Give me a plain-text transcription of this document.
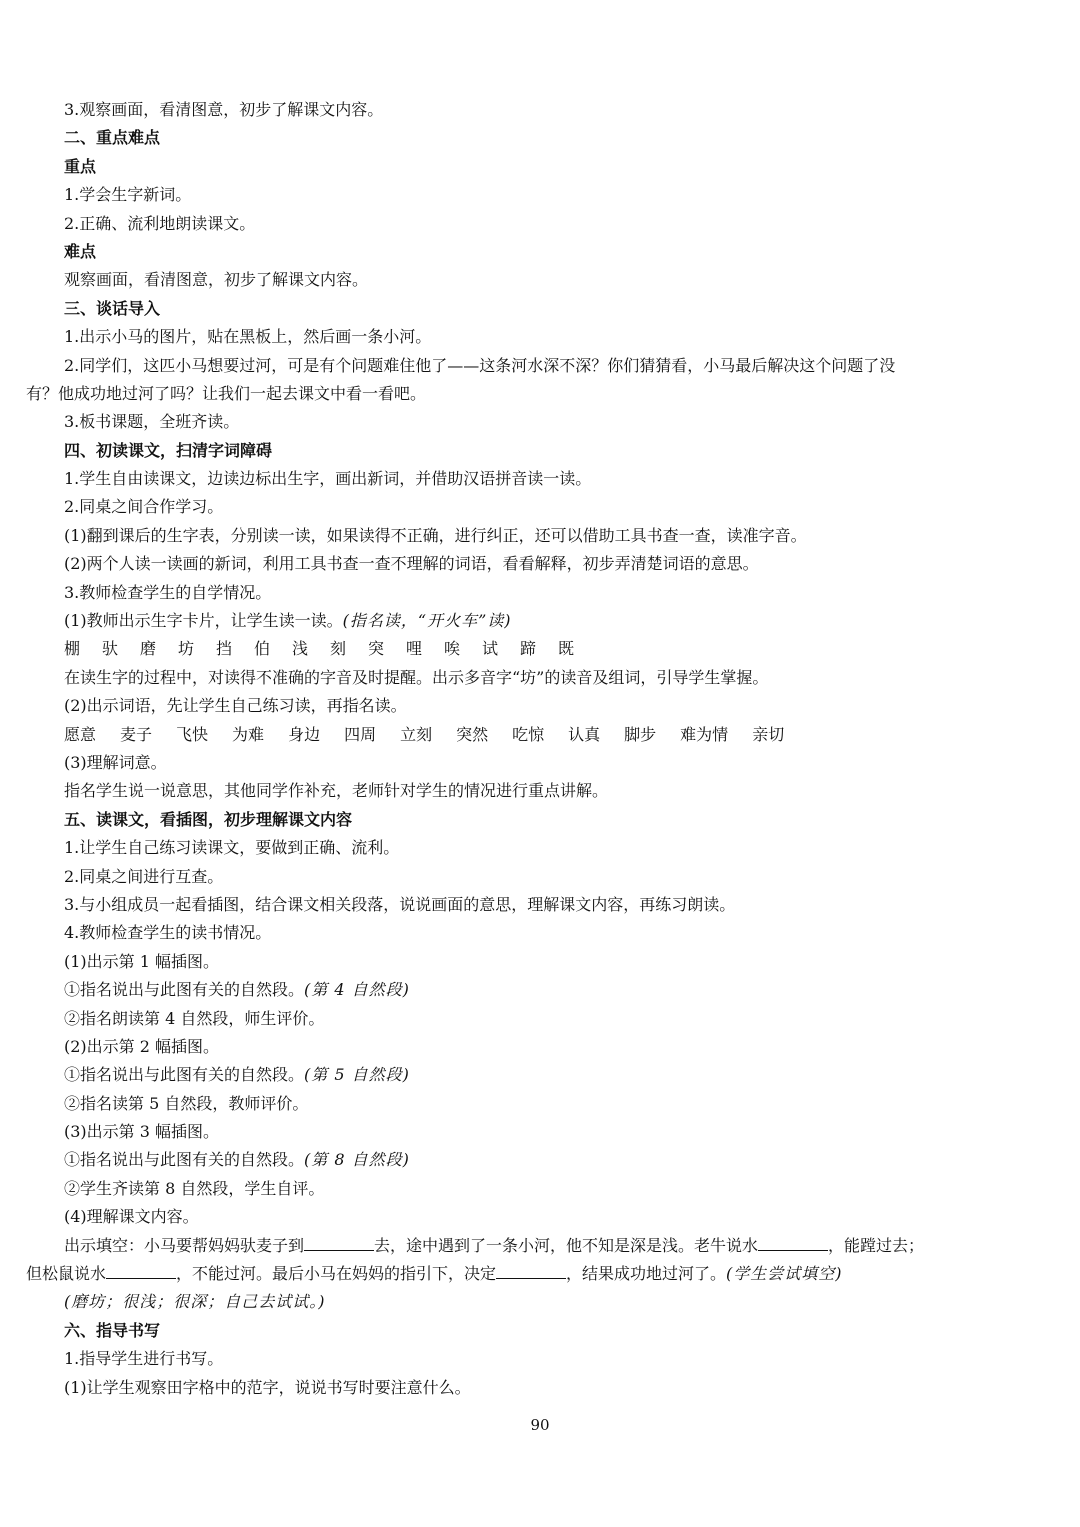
3.观察画面，看清图意，初步了解课文内容。
二、重点难点
重点
1.学会生字新词。
2.正确、流利地朗读课文。
难点
观察画面，看清图意，初步了解课文内容。
三、谈话导入
1.出示小马的图片，贴在黑板上，然后画一条小河。
2.同学们，这匹小马想要过河，可是有个问题难住他了——这条河水深不深？你们猜猜看，小马最后解决这个问题了没
有？他成功地过河了吗？让我们一起去课文中看一看吧。
3.板书课题，全班齐读。
四、初读课文，扫清字词障碍
1.学生自由读课文，边读边标出生字，画出新词，并借助汉语拼音读一读。
2.同桌之间合作学习。
(1)翻到课后的生字表，分别读一读，如果读得不正确，进行纠正，还可以借助工具书查一查，读准字音。
(2)两个人读一读画的新词，利用工具书查一查不理解的词语，看看解释，初步弄清楚词语的意思。
3.教师检查学生的自学情况。
(1)教师出示生字卡片，让学生读一读。(指名读，“开火车”读)
棚 驮 磨 坊 挡 伯 浅 刻 突 哩 唉 试 蹄 既
在读生字的过程中，对读得不准确的字音及时提醒。出示多音字“坊”的读音及组词，引导学生掌握。
(2)出示词语，先让学生自己练习读，再指名读。
愿意 麦子 飞快 为难 身边 四周 立刻 突然 吃惊 认真 脚步 难为情 亲切
(3)理解词意。
指名学生说一说意思，其他同学作补充，老师针对学生的情况进行重点讲解。
五、读课文，看插图，初步理解课文内容
1.让学生自己练习读课文，要做到正确、流利。
2.同桌之间进行互查。
3.与小组成员一起看插图，结合课文相关段落，说说画面的意思，理解课文内容，再练习朗读。
4.教师检查学生的读书情况。
(1)出示第 1 幅插图。
①指名说出与此图有关的自然段。(第 4 自然段)
②指名朗读第 4 自然段，师生评价。
(2)出示第 2 幅插图。
①指名说出与此图有关的自然段。(第 5 自然段)
②指名读第 5 自然段，教师评价。
(3)出示第 3 幅插图。
①指名说出与此图有关的自然段。(第 8 自然段)
②学生齐读第 8 自然段，学生自评。
(4)理解课文内容。
出示填空：小马要帮妈妈驮麦子到	去，途中遇到了一条小河，他不知是深是浅。老牛说水	，能蹚过去；
但松鼠说水	，不能过河。最后小马在妈妈的指引下，决定	，结果成功地过河了。(学生尝试填空)
(磨坊；很浅；很深；自己去试试。)
六、指导书写
1.指导学生进行书写。
(1)让学生观察田字格中的范字，说说书写时要注意什么。
90
